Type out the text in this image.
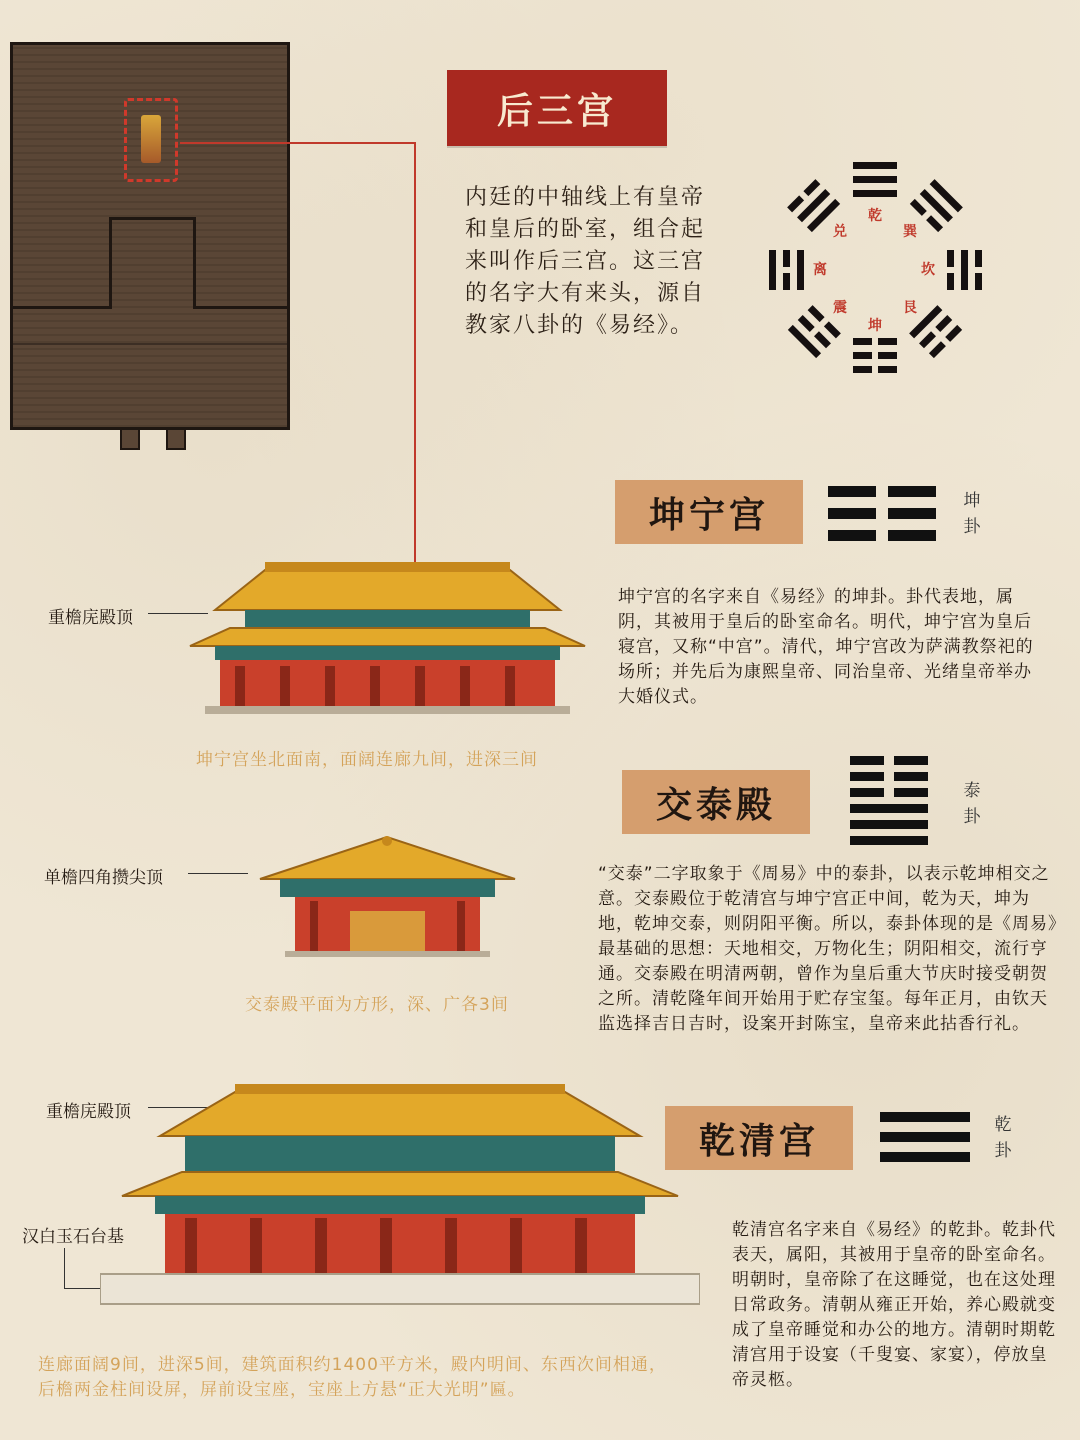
后三宫

内廷的中轴线上有皇帝和皇后的卧室，组合起来叫作后三宫。这三宫的名字大有来头，源自教家八卦的《易经》。

乾
巽
坎
艮
坤
震
离
兑
重檐庑殿顶
坤宁宫坐北面南，面阔连廊九间，进深三间
坤宁宫	坤
卦

坤宁宫的名字来自《易经》的坤卦。卦代表地，属阴，其被用于皇后的卧室命名。明代，坤宁宫为皇后寝宫，又称“中宫”。清代，坤宁宫改为萨满教祭祀的场所；并先后为康熙皇帝、同治皇帝、光绪皇帝举办大婚仪式。

交泰殿	泰
卦
单檐四角攒尖顶
交泰殿平面为方形，深、广各3间

“交泰”二字取象于《周易》中的泰卦，以表示乾坤相交之意。交泰殿位于乾清宫与坤宁宫正中间，乾为天，坤为地，乾坤交泰，则阴阳平衡。所以，泰卦体现的是《周易》最基础的思想：天地相交，万物化生；阴阳相交，流行亨通。交泰殿在明清两朝，曾作为皇后重大节庆时接受朝贺之所。清乾隆年间开始用于贮存宝玺。每年正月，由钦天监选择吉日吉时，设案开封陈宝，皇帝来此拈香行礼。

重檐庑殿顶
汉白玉石台基
连廊面阔9间，进深5间，建筑面积约1400平方米，殿内明间、东西次间相通，
后檐两金柱间设屏，屏前设宝座，宝座上方悬“正大光明”匾。
乾清宫	乾
卦

乾清宫名字来自《易经》的乾卦。乾卦代表天，属阳，其被用于皇帝的卧室命名。明朝时，皇帝除了在这睡觉，也在这处理日常政务。清朝从雍正开始，养心殿就变成了皇帝睡觉和办公的地方。清朝时期乾清宫用于设宴（千叟宴、家宴），停放皇帝灵柩。
